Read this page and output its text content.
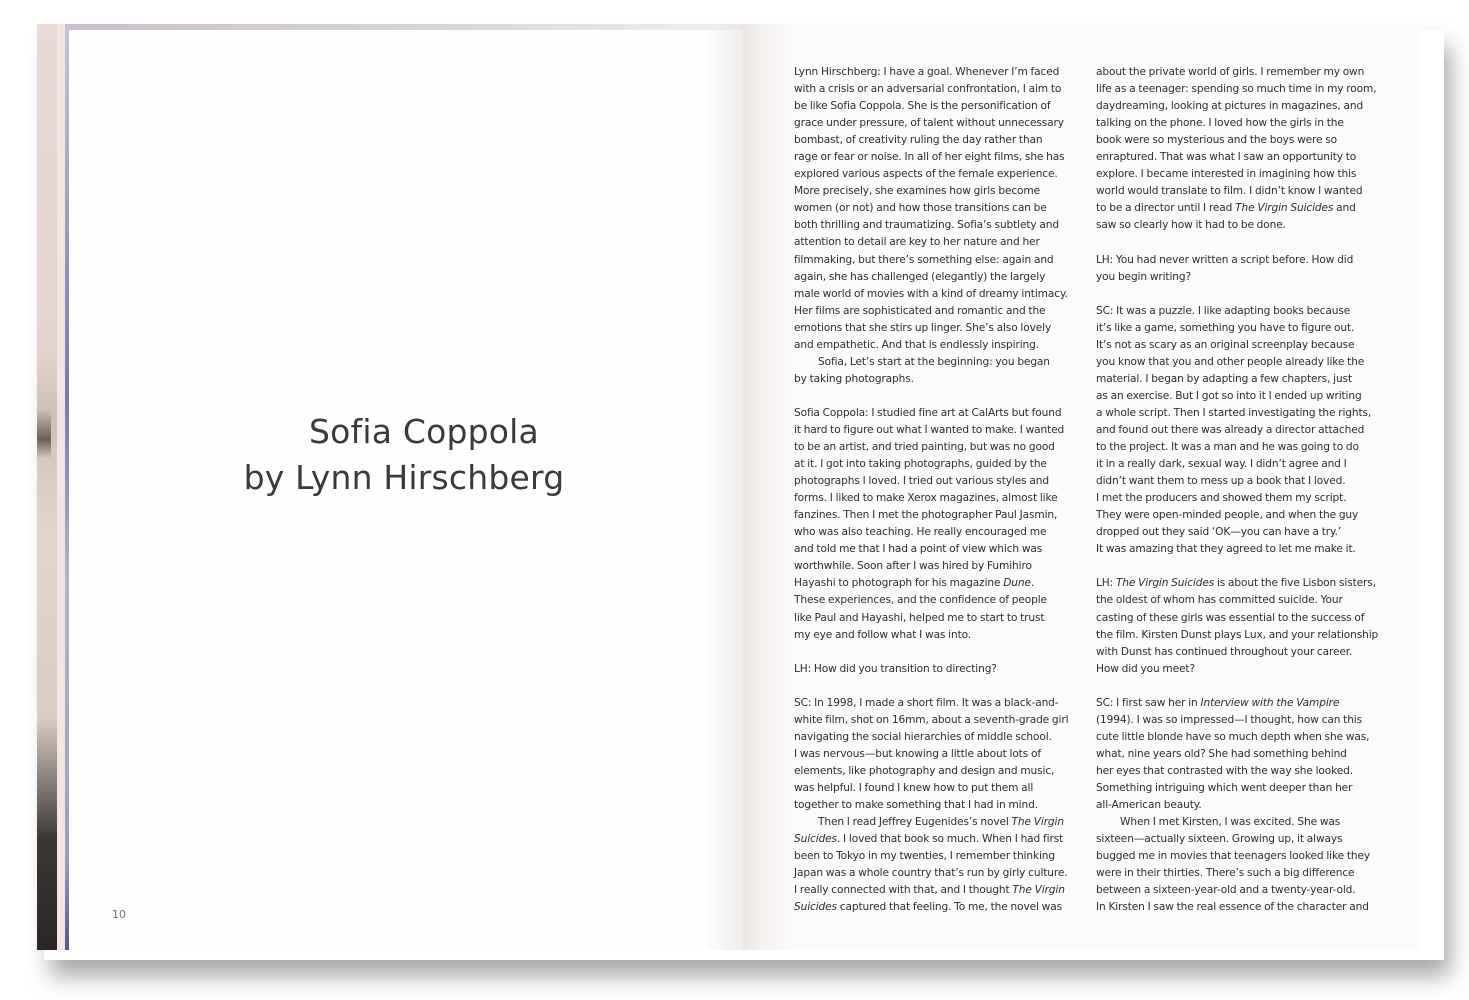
Sofia Coppola
by Lynn Hirschberg
10
Lynn Hirschberg: I have a goal. Whenever I’m faced
with a crisis or an adversarial confrontation, I aim to
be like Sofia Coppola. She is the personification of
grace under pressure, of talent without unnecessary
bombast, of creativity ruling the day rather than
rage or fear or noise. In all of her eight films, she has
explored various aspects of the female experience.
More precisely, she examines how girls become
women (or not) and how those transitions can be
both thrilling and traumatizing. Sofia’s subtlety and
attention to detail are key to her nature and her
filmmaking, but there’s something else: again and
again, she has challenged (elegantly) the largely
male world of movies with a kind of dreamy intimacy.
Her films are sophisticated and romantic and the
emotions that she stirs up linger. She’s also lovely
and empathetic. And that is endlessly inspiring.
Sofia, Let’s start at the beginning: you began
by taking photographs.
Sofia Coppola: I studied fine art at CalArts but found
it hard to figure out what I wanted to make. I wanted
to be an artist, and tried painting, but was no good
at it. I got into taking photographs, guided by the
photographs I loved. I tried out various styles and
forms. I liked to make Xerox magazines, almost like
fanzines. Then I met the photographer Paul Jasmin,
who was also teaching. He really encouraged me
and told me that I had a point of view which was
worthwhile. Soon after I was hired by Fumihiro
Hayashi to photograph for his magazine Dune.
These experiences, and the confidence of people
like Paul and Hayashi, helped me to start to trust
my eye and follow what I was into.
LH: How did you transition to directing?
SC: In 1998, I made a short film. It was a black-and-
white film, shot on 16mm, about a seventh-grade girl
navigating the social hierarchies of middle school.
I was nervous—but knowing a little about lots of
elements, like photography and design and music,
was helpful. I found I knew how to put them all
together to make something that I had in mind.
Then I read Jeffrey Eugenides’s novel The Virgin
Suicides. I loved that book so much. When I had first
been to Tokyo in my twenties, I remember thinking
Japan was a whole country that’s run by girly culture.
I really connected with that, and I thought The Virgin
Suicides captured that feeling. To me, the novel was
about the private world of girls. I remember my own
life as a teenager: spending so much time in my room,
daydreaming, looking at pictures in magazines, and
talking on the phone. I loved how the girls in the
book were so mysterious and the boys were so
enraptured. That was what I saw an opportunity to
explore. I became interested in imagining how this
world would translate to film. I didn’t know I wanted
to be a director until I read The Virgin Suicides and
saw so clearly how it had to be done.
LH: You had never written a script before. How did
you begin writing?
SC: It was a puzzle. I like adapting books because
it’s like a game, something you have to figure out.
It’s not as scary as an original screenplay because
you know that you and other people already like the
material. I began by adapting a few chapters, just
as an exercise. But I got so into it I ended up writing
a whole script. Then I started investigating the rights,
and found out there was already a director attached
to the project. It was a man and he was going to do
it in a really dark, sexual way. I didn’t agree and I
didn’t want them to mess up a book that I loved.
I met the producers and showed them my script.
They were open-minded people, and when the guy
dropped out they said ‘OK—you can have a try.’
It was amazing that they agreed to let me make it.
LH: The Virgin Suicides is about the five Lisbon sisters,
the oldest of whom has committed suicide. Your
casting of these girls was essential to the success of
the film. Kirsten Dunst plays Lux, and your relationship
with Dunst has continued throughout your career.
How did you meet?
SC: I first saw her in Interview with the Vampire
(1994). I was so impressed—I thought, how can this
cute little blonde have so much depth when she was,
what, nine years old? She had something behind
her eyes that contrasted with the way she looked.
Something intriguing which went deeper than her
all-American beauty.
When I met Kirsten, I was excited. She was
sixteen—actually sixteen. Growing up, it always
bugged me in movies that teenagers looked like they
were in their thirties. There’s such a big difference
between a sixteen-year-old and a twenty-year-old.
In Kirsten I saw the real essence of the character and
